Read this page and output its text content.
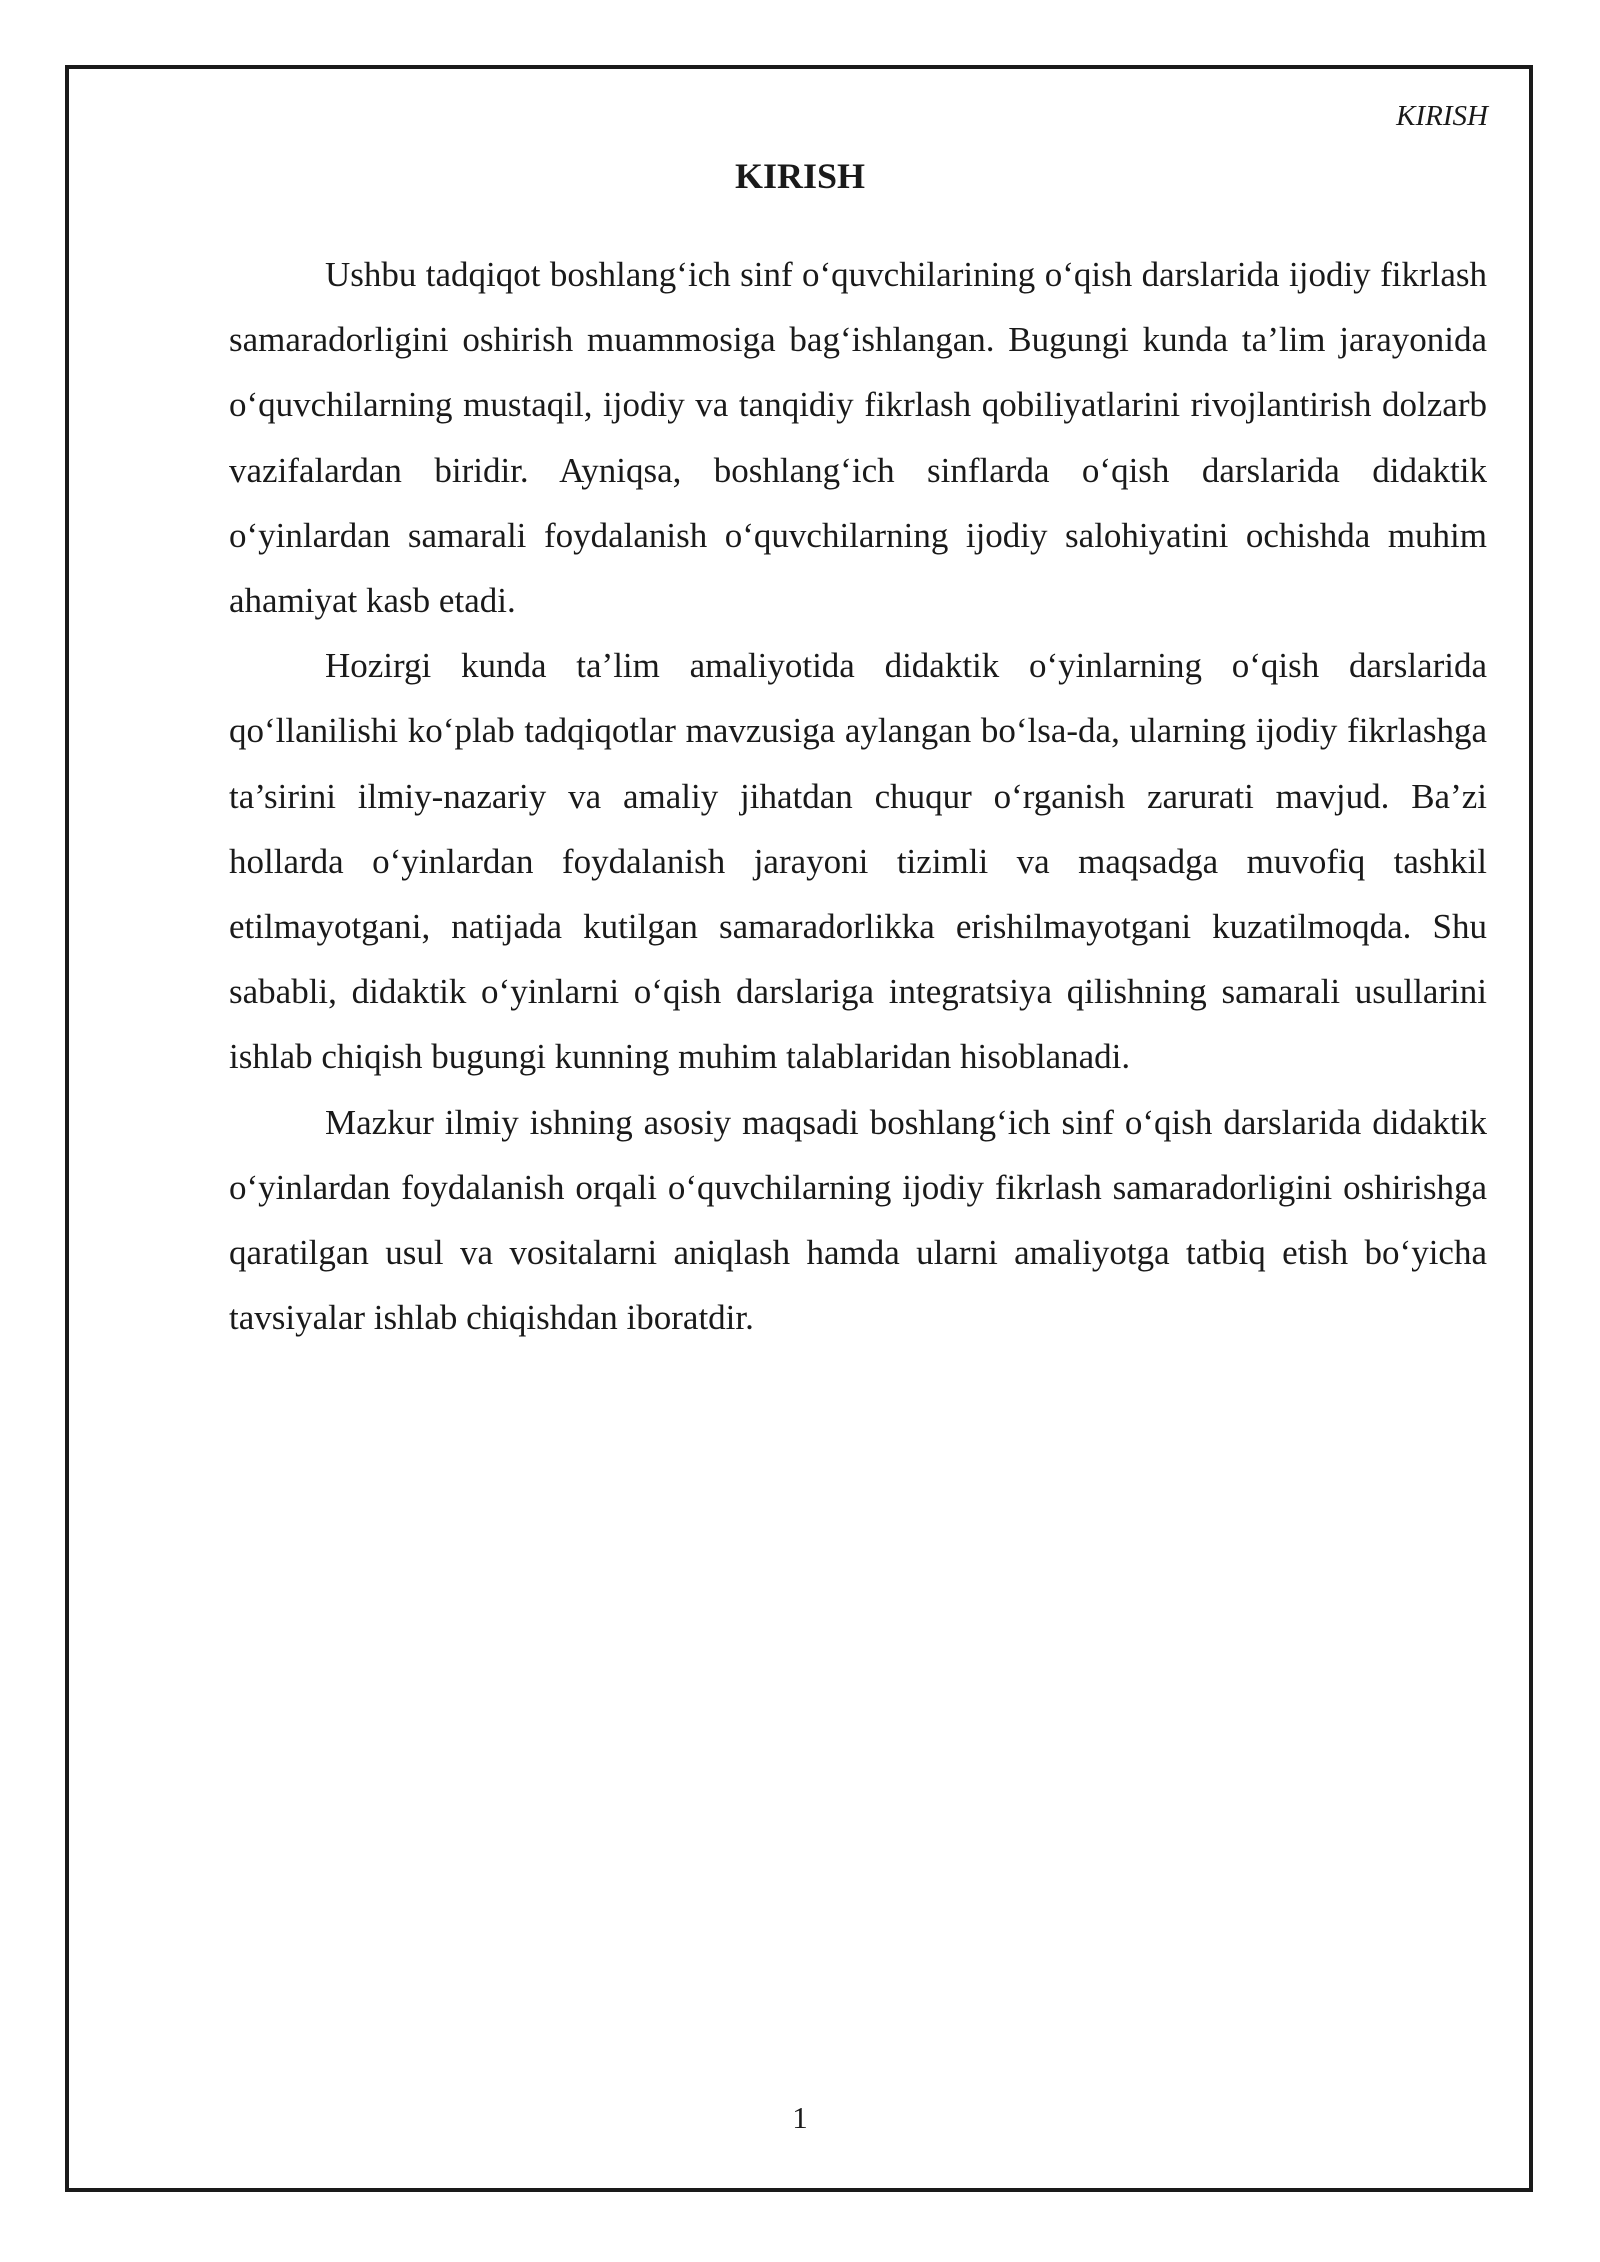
KIRISH
KIRISH

Ushbu tadqiqot boshlang‘ich sinf o‘quvchilarining o‘qish darslarida ijodiy fikrlash samaradorligini oshirish muammosiga bag‘ishlangan. Bugungi kunda ta’lim jarayonida o‘quvchilarning mustaqil, ijodiy va tanqidiy fikrlash qobiliyatlarini rivojlantirish dolzarb vazifalardan biridir. Ayniqsa, boshlang‘ich sinflarda o‘qish darslarida didaktik o‘yinlardan samarali foydalanish o‘quvchilarning ijodiy salohiyatini ochishda muhim ahamiyat kasb etadi.

Hozirgi kunda ta’lim amaliyotida didaktik o‘yinlarning o‘qish darslarida qo‘llanilishi ko‘plab tadqiqotlar mavzusiga aylangan bo‘lsa-da, ularning ijodiy fikrlashga ta’sirini ilmiy-nazariy va amaliy jihatdan chuqur o‘rganish zarurati mavjud. Ba’zi hollarda o‘yinlardan foydalanish jarayoni tizimli va maqsadga muvofiq tashkil etilmayotgani, natijada kutilgan samaradorlikka erishilmayotgani kuzatilmoqda. Shu sababli, didaktik o‘yinlarni o‘qish darslariga integratsiya qilishning samarali usullarini ishlab chiqish bugungi kunning muhim talablaridan hisoblanadi.

Mazkur ilmiy ishning asosiy maqsadi boshlang‘ich sinf o‘qish darslarida didaktik o‘yinlardan foydalanish orqali o‘quvchilarning ijodiy fikrlash samaradorligini oshirishga qaratilgan usul va vositalarni aniqlash hamda ularni amaliyotga tatbiq etish bo‘yicha tavsiyalar ishlab chiqishdan iboratdir.

1
